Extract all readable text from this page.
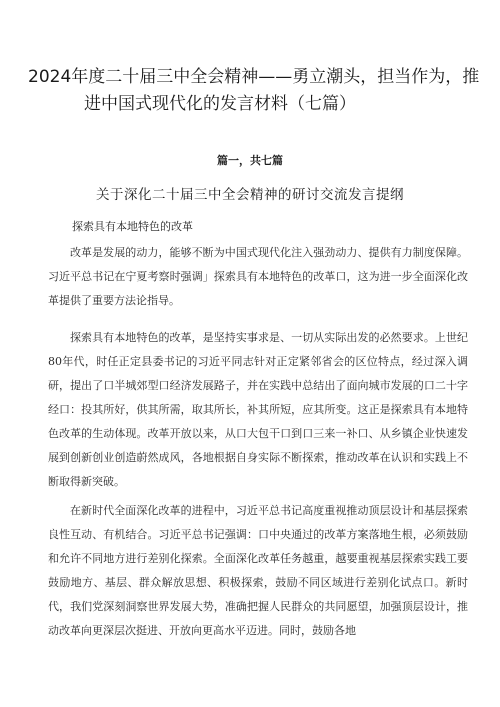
2024年度二十届三中全会精神——勇立潮头，担当作为，推
进中国式现代化的发言材料（七篇）
篇一，共七篇
关于深化二十届三中全会精神的研讨交流发言提纲
探索具有本地特色的改革

改革是发展的动力，能够不断为中国式现代化注入强劲动力、提供有力制度保障。习近平总书记在宁夏考察时强调」探索具有本地特色的改革口，这为进一步全面深化改革提供了重要方法论指导。

探索具有本地特色的改革，是坚持实事求是、一切从实际出发的必然要求。上世纪80年代，时任正定县委书记的习近平同志针对正定紧邻省会的区位特点，经过深入调研，提出了口半城郊型口经济发展路子，并在实践中总结出了面向城市发展的口二十字经口：投其所好，供其所需，取其所长，补其所短，应其所变。这正是探索具有本地特色改革的生动体现。改革开放以来，从口大包干口到口三来一补口、从乡镇企业快速发展到创新创业创造蔚然成风，各地根据自身实际不断探索，推动改革在认识和实践上不断取得新突破。

在新时代全面深化改革的进程中，习近平总书记高度重视推动顶层设计和基层探索良性互动、有机结合。习近平总书记强调：口中央通过的改革方案落地生根，必须鼓励和允许不同地方进行差别化探索。全面深化改革任务越重，越要重视基层探索实践工要鼓励地方、基层、群众解放思想、积极探索，鼓励不同区域进行差别化试点口。新时代，我们党深刻洞察世界发展大势，准确把握人民群众的共同愿望，加强顶层设计，推动改革向更深层次挺进、开放向更高水平迈进。同时，鼓励各地
